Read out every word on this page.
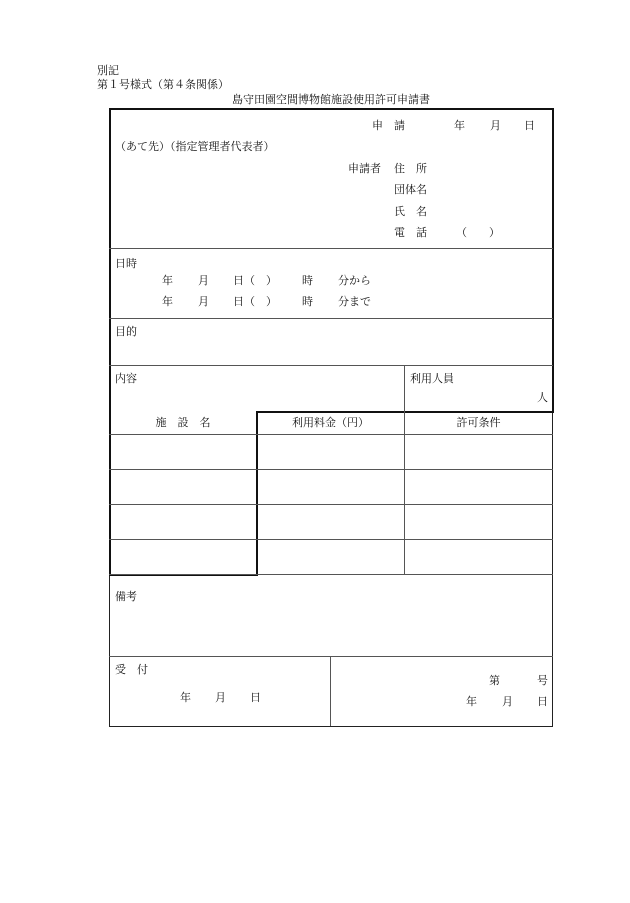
別記
第１号様式（第４条関係）
島守田園空間博物館施設使用許可申請書
申　請	年 月 日
（あて先）（指定管理者代表者）
申請者 住　所
団体名
氏　名
電　話	（　　）
日時
年 月 日（　） 時 分から
年 月 日（　） 時 分まで
目的
内容	利用人員
人
施　設　名	利用料金（円）	許可条件
備考
受　付
年 月 日
第	号
年 月 日
